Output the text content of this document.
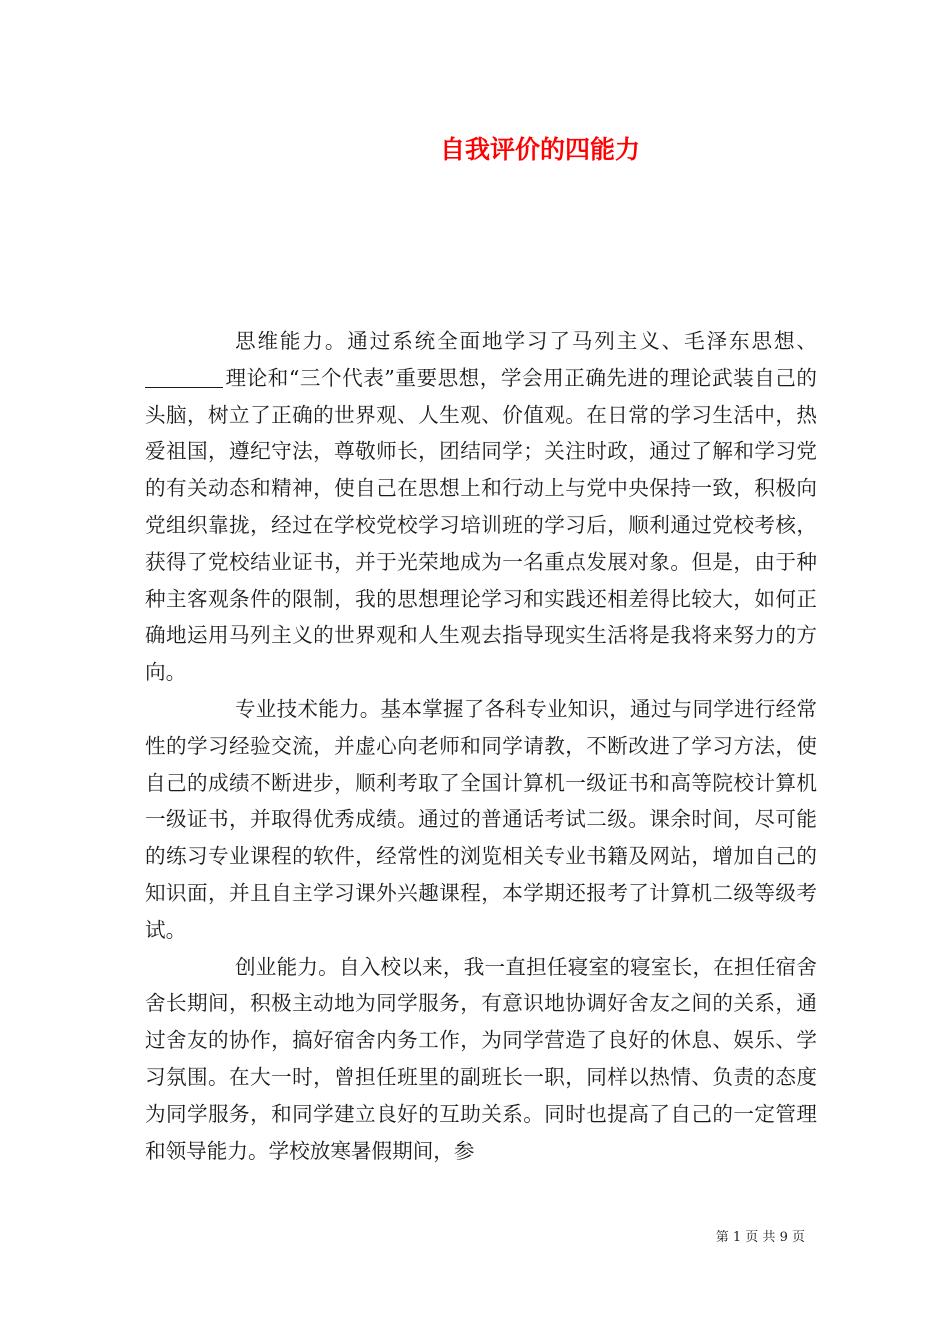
自我评价的四能力

思维能力。通过系统全面地学习了马列主义、毛泽东思想、理论和“三个代表”重要思想，学会用正确先进的理论武装自己的头脑，树立了正确的世界观、人生观、价值观。在日常的学习生活中，热爱祖国，遵纪守法，尊敬师长，团结同学；关注时政，通过了解和学习党的有关动态和精神，使自己在思想上和行动上与党中央保持一致，积极向党组织靠拢，经过在学校党校学习培训班的学习后，顺利通过党校考核，获得了党校结业证书，并于光荣地成为一名重点发展对象。但是，由于种种主客观条件的限制，我的思想理论学习和实践还相差得比较大，如何正确地运用马列主义的世界观和人生观去指导现实生活将是我将来努力的方向。

专业技术能力。基本掌握了各科专业知识，通过与同学进行经常性的学习经验交流，并虚心向老师和同学请教，不断改进了学习方法，使自己的成绩不断进步，顺利考取了全国计算机一级证书和高等院校计算机一级证书，并取得优秀成绩。通过的普通话考试二级。课余时间，尽可能的练习专业课程的软件，经常性的浏览相关专业书籍及网站，增加自己的知识面，并且自主学习课外兴趣课程，本学期还报考了计算机二级等级考试。

创业能力。自入校以来，我一直担任寝室的寝室长，在担任宿舍舍长期间，积极主动地为同学服务，有意识地协调好舍友之间的关系，通过舍友的协作，搞好宿舍内务工作，为同学营造了良好的休息、娱乐、学习氛围。在大一时，曾担任班里的副班长一职，同样以热情、负责的态度为同学服务，和同学建立良好的互助关系。同时也提高了自己的一定管理和领导能力。学校放寒暑假期间，参

第 1 页 共 9 页
